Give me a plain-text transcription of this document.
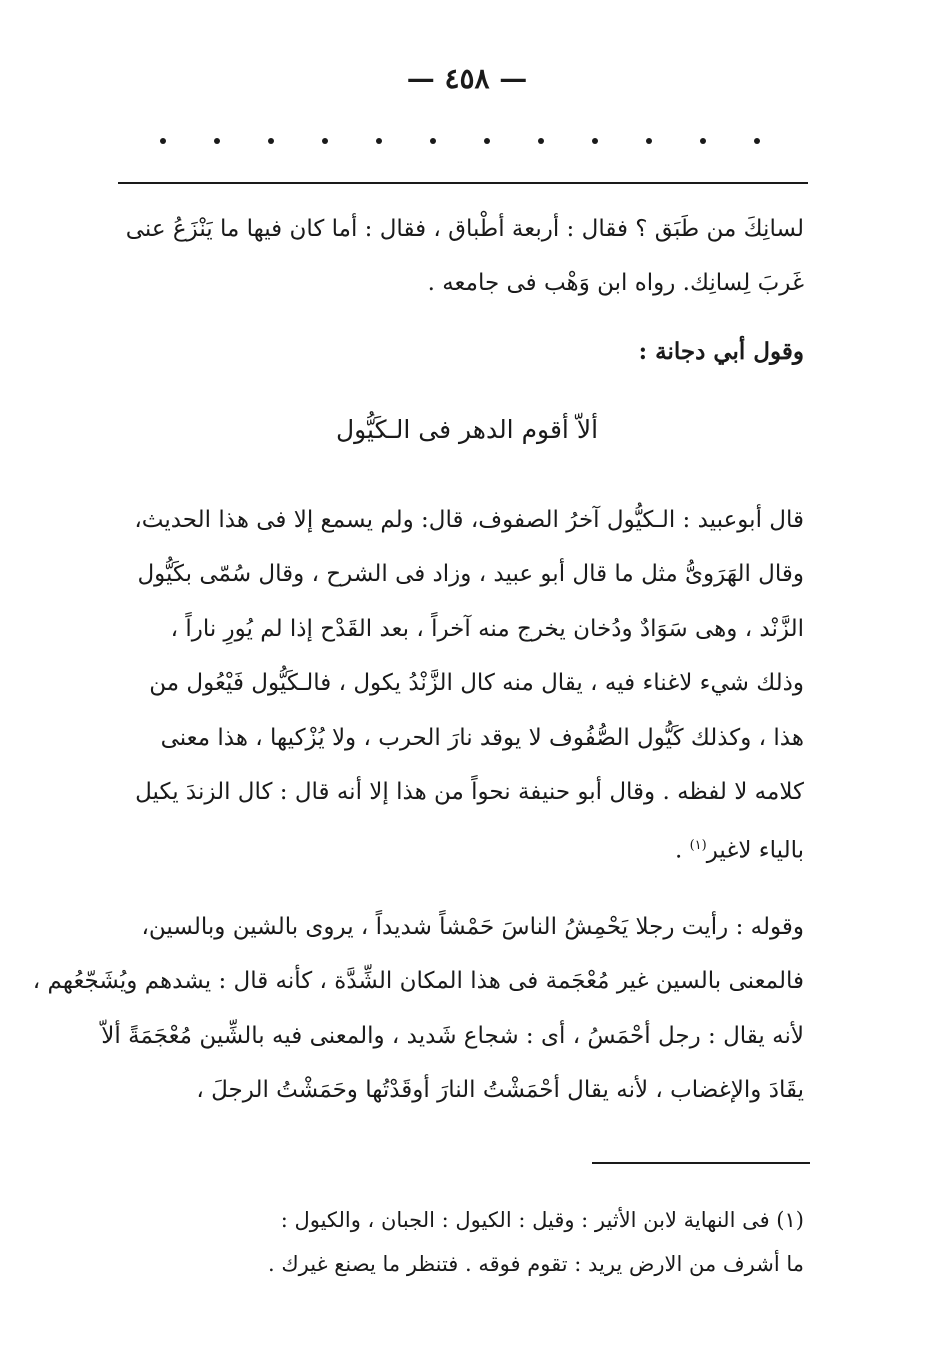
— ٤٥٨ —
لسانِكَ من طَبَق ؟ فقال : أربعة أطْباق ، فقال : أما كان فيها ما يَنْزَعُ عنى
غَربَ لِسانِك. رواه ابن وَهْب فى جامعه .
وقول أبي دجانة :
ألاّ أقوم الدهر فى الـكَيُّول
قال أبوعبيد : الـكيُّول آخرُ الصفوف، قال: ولم يسمع إلا فى هذا الحديث،
وقال الهَرَوىُّ مثل ما قال أبو عبيد ، وزاد فى الشرح ، وقال سُمّى بكَيُّول
الزَّنْد ، وهى سَوَادٌ ودُخان يخرج منه آخراً ، بعد القَدْح إذا لم يُورِ ناراً ،
وذلك شيء لاغناء فيه ، يقال منه كال الزَّنْدُ يكول ، فالـكَيُّول فَيْعُول من
هذا ، وكذلك كَيُّول الصُّفُوف لا يوقد نارَ الحرب ، ولا يُزْكيها ، هذا معنى
كلامه لا لفظه . وقال أبو حنيفة نحواً من هذا إلا أنه قال : كال الزندَ يكيل
بالياء لاغير$^{(١)}$ .
وقوله : رأيت رجلا يَحْمِشُ الناسَ حَمْشاً شديداً ، يروى بالشين وبالسين،
فالمعنى بالسين غير مُعْجَمة فى هذا المكان الشِّدَّة ، كأنه قال : يشدهم ويُشَجّعُهم ،
لأنه يقال : رجل أحْمَسُ ، أى : شجاع شَديد ، والمعنى فيه بالشِّين مُعْجَمَةً ألاّ
يقَادَ والإغضاب ، لأنه يقال أحْمَشْتُ النارَ أوقَدْتُها وحَمَشْتُ الرجلَ ،
(١) فى النهاية لابن الأثير : وقيل : الكيول : الجبان ، والكيول :
ما أشرف من الارض يريد : تقوم فوقه . فتنظر ما يصنع غيرك .
